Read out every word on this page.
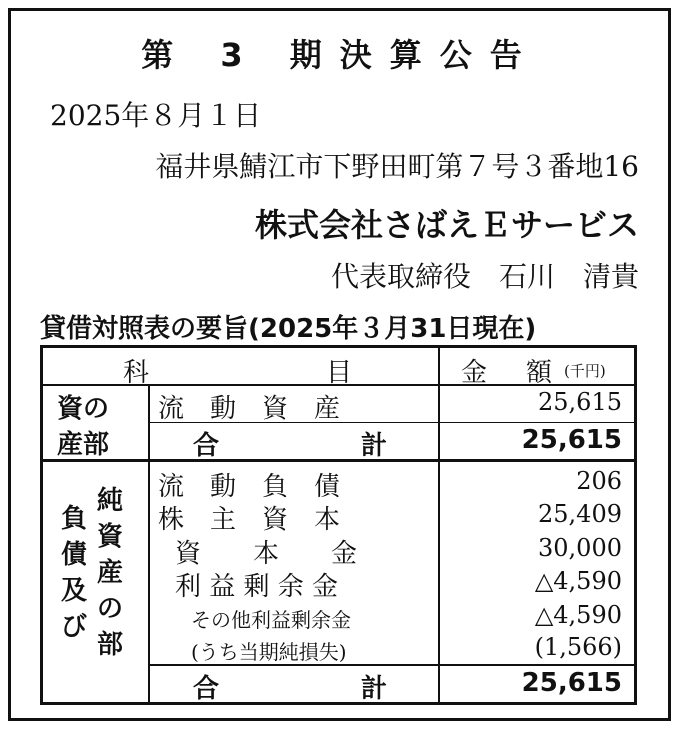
第 3 期決算公告
2025年８月１日
福井県鯖江市下野田町第７号３番地16
株式会社さばえＥサービス
代表取締役　石川　清貴
貸借対照表の要旨(2025年３月31日現在)
科	目	金 額 (千円)
資の
産部
流　動　資　産	25,615
合	計	25,615
負
債
及
び
純
資
産
の
部
流　動　負　債	206
株　主　資　本	25,409
資　　本　　金	30,000
利 益 剰 余 金	△4,590
その他利益剰余金	△4,590
(うち当期純損失)	(1,566)
合	計	25,615
